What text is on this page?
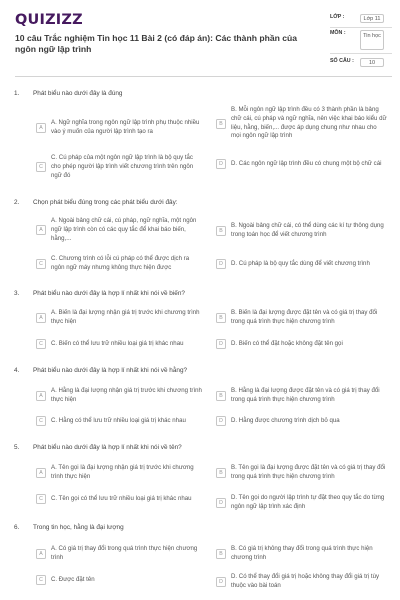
QUIZIZZ
10 câu Trắc nghiệm Tin học 11 Bài 2 (có đáp án): Các thành phần của ngôn ngữ lập trình
LỚP :	Lớp 11
MÔN :	Tin học
SỐ CÂU :	10
1. Phát biểu nào dưới đây là đúng
A
A. Ngữ nghĩa trong ngôn ngữ lập trình phụ thuộc nhiều vào ý muốn của người lập trình tạo ra
B
B. Mỗi ngôn ngữ lập trình đều có 3 thành phần là bảng chữ cái, cú pháp và ngữ nghĩa, nên việc khai báo kiểu dữ liệu, hằng, biến,... được áp dụng chung như nhau cho mọi ngôn ngữ lập trình
C
C. Cú pháp của một ngôn ngữ lập trình là bộ quy tắc cho phép người lập trình viết chương trình trên ngôn ngữ đó
D	D. Các ngôn ngữ lập trình đều có chung một bộ chữ cái
2. Chọn phát biểu đúng trong các phát biểu dưới đây:
A
A. Ngoài bảng chữ cái, cú pháp, ngữ nghĩa, một ngôn ngữ lập trình còn có các quy tắc để khai báo biến, hằng,...
B
B. Ngoài bảng chữ cái, có thể dùng các kí tự thông dụng trong toán học để viết chương trình
C
C. Chương trình có lỗi cú pháp có thể được dịch ra ngôn ngữ máy nhưng không thực hiện được	D	D. Cú pháp là bộ quy tắc dùng để viết chương trình
3. Phát biểu nào dưới đây là hợp lí nhất khi nói về biến?
A
A. Biến là đại lượng nhận giá trị trước khi chương trình thực hiện	B
B. Biến là đại lượng được đặt tên và có giá trị thay đổi trong quá trình thực hiện chương trình
C	C. Biến có thể lưu trữ nhiều loại giá trị khác nhau	D	D. Biến có thể đặt hoặc không đặt tên gọi
4. Phát biểu nào dưới đây là hợp lí nhất khi nói về hằng?
A
A. Hằng là đại lượng nhận giá trị trước khi chương trình thực hiện	B
B. Hằng là đại lượng được đặt tên và có giá trị thay đổi trong quá trình thực hiện chương trình
C	C. Hằng có thể lưu trữ nhiều loại giá trị khác nhau	D	D. Hằng được chương trình dịch bỏ qua
5. Phát biểu nào dưới đây là hợp lí nhất khi nói về tên?
A
A. Tên gọi là đại lượng nhận giá trị trước khi chương trình thực hiện	B
B. Tên gọi là đại lượng được đặt tên và có giá trị thay đổi trong quá trình thực hiện chương trình
C	C. Tên gọi có thể lưu trữ nhiều loại giá trị khác nhau
D
D. Tên gọi do người lập trình tự đặt theo quy tắc do từng ngôn ngữ lập trình xác định
6. Trong tin học, hằng là đại lượng
A
A. Có giá trị thay đổi trong quá trình thực hiện chương trình	B
B. Có giá trị không thay đổi trong quá trình thực hiện chương trình
C	C. Được đặt tên	D
D. Có thể thay đổi giá trị hoặc không thay đổi giá trị tùy thuộc vào bài toán
